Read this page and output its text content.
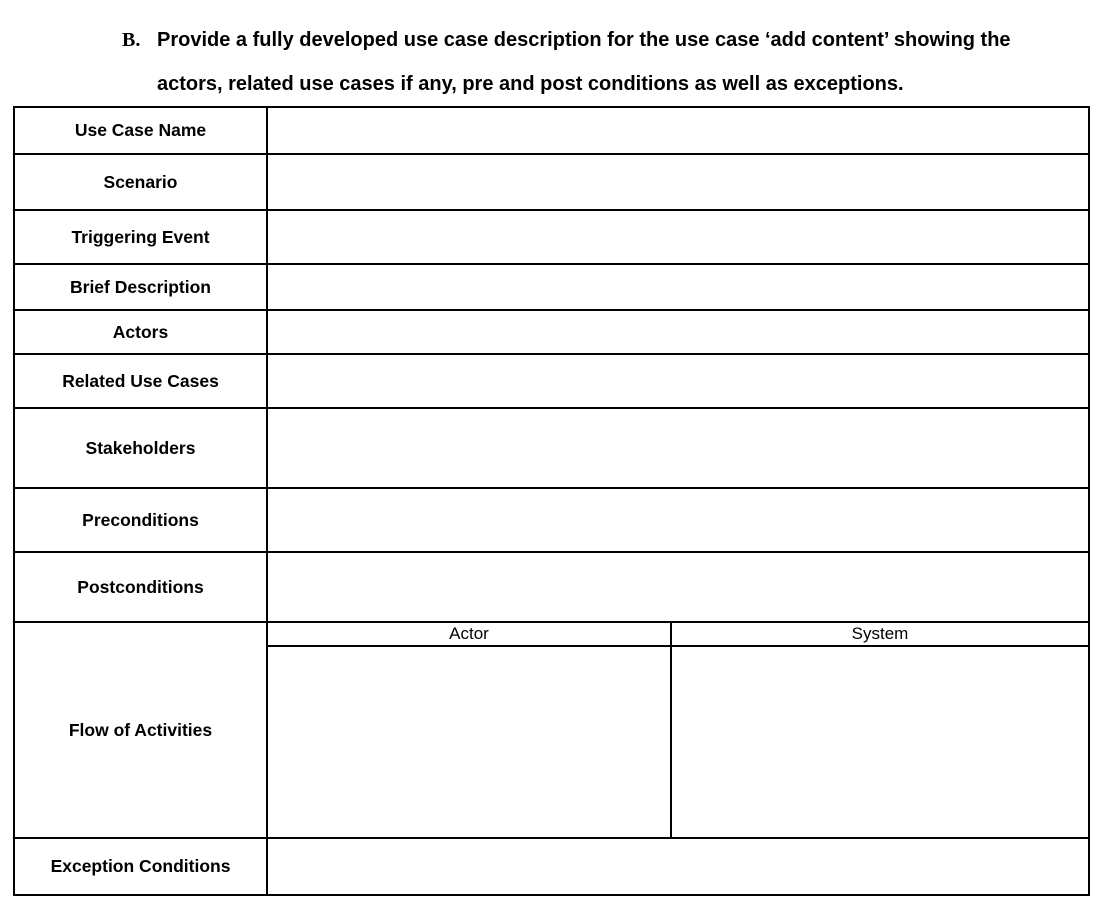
B. Provide a fully developed use case description for the use case ‘add content’ showing the
actors, related use cases if any, pre and post conditions as well as exceptions.
Use Case Name	
Scenario	
Triggering Event	
Brief Description	
Actors	
Related Use Cases	
Stakeholders	
Preconditions	
Postconditions	
Flow of Activities	
Actor	System

Exception Conditions	
